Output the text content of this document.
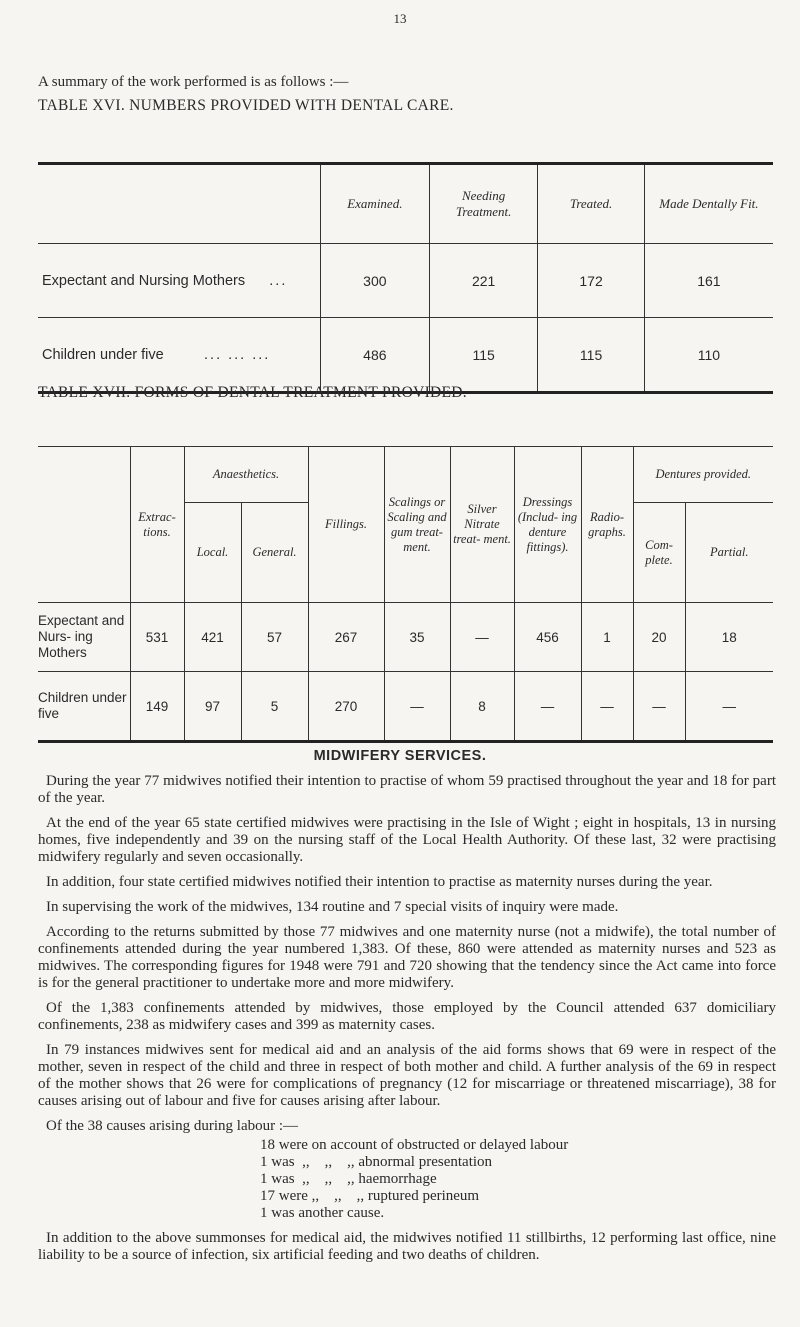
13
A summary of the work performed is as follows :—
TABLE XVI. NUMBERS PROVIDED WITH DENTAL CARE.
	Examined.	Needing Treatment.	Treated.	Made Dentally Fit.
Expectant and Nursing Mothers ...	300	221	172	161
Children under five ... ... ...	486	115	115	110
TABLE XVII. FORMS OF DENTAL TREATMENT PROVIDED.
	Extrac- tions.	Anaesthetics.		Fillings.	Scalings or Scaling and gum treat- ment.	Silver Nitrate treat- ment.	Dressings (Includ- ing denture fittings).	Radio- graphs.	Dentures provided.	
		Local.	General.						Com- plete.	Partial.
Expectant and Nurs- ing Mothers	531	421	57	267	35	—	456	1	20	18
Children under five	149	97	5	270	—	8	—	—	—	—
MIDWIFERY SERVICES.

During the year 77 midwives notified their intention to practise of whom 59 practised throughout the year and 18 for part of the year.

At the end of the year 65 state certified midwives were practising in the Isle of Wight ; eight in hospitals, 13 in nursing homes, five independently and 39 on the nursing staff of the Local Health Authority. Of these last, 32 were practising midwifery regularly and seven occasionally.

In addition, four state certified midwives notified their intention to practise as maternity nurses during the year.

In supervising the work of the midwives, 134 routine and 7 special visits of inquiry were made.

According to the returns submitted by those 77 midwives and one maternity nurse (not a midwife), the total number of confinements attended during the year numbered 1,383. Of these, 860 were attended as maternity nurses and 523 as midwives. The corresponding figures for 1948 were 791 and 720 showing that the tendency since the Act came into force is for the general practitioner to undertake more and more midwifery.

Of the 1,383 confinements attended by midwives, those employed by the Council attended 637 domiciliary confinements, 238 as midwifery cases and 399 as maternity cases.

In 79 instances midwives sent for medical aid and an analysis of the aid forms shows that 69 were in respect of the mother, seven in respect of the child and three in respect of both mother and child. A further analysis of the 69 in respect of the mother shows that 26 were for complications of pregnancy (12 for miscarriage or threatened miscarriage), 38 for causes arising out of labour and five for causes arising after labour.

Of the 38 causes arising during labour :—

18 were on account of obstructed or delayed labour
1 was  ,,    ,,    ,, abnormal presentation
1 was  ,,    ,,    ,, haemorrhage
17 were ,,    ,,    ,, ruptured perineum
1 was another cause.

In addition to the above summonses for medical aid, the midwives notified 11 stillbirths, 12 performing last office, nine liability to be a source of infection, six artificial feeding and two deaths of children.
